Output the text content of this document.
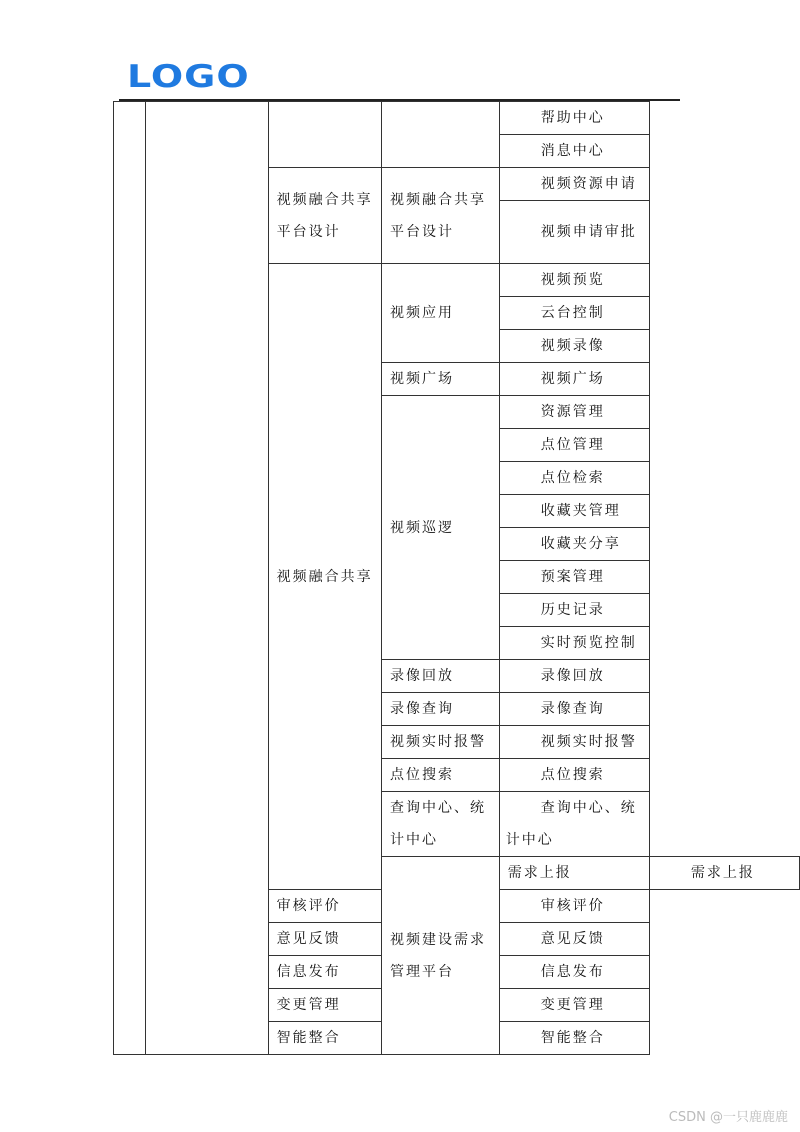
LOGO
				帮助中心	
				消息中心	
		视频融合共享平台设计	视频融合共享平台设计	视频资源申请	
				视频申请审批	
		视频融合共享	视频应用	视频预览	
				云台控制	
				视频录像	
			视频广场	视频广场	
			视频巡逻	资源管理	
				点位管理	
				点位检索	
				收藏夹管理	
				收藏夹分享	
				预案管理	
				历史记录	
				实时预览控制	
			录像回放	录像回放	
			录像查询	录像查询	
			视频实时报警	视频实时报警	
			点位搜索	点位搜索	
			查询中心、统计中心	查询中心、统计中心	
			视频建设需求管理平台	需求上报	需求上报
		审核评价		审核评价	
		意见反馈		意见反馈	
		信息发布		信息发布	
		变更管理		变更管理	
		智能整合		智能整合	
CSDN @一只鹿鹿鹿
